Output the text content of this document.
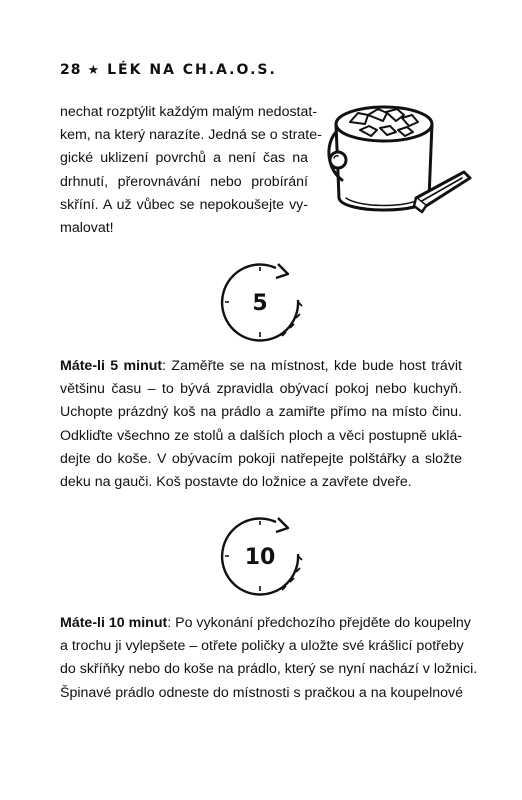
28 ★ LÉK NA CH.A.O.S.
nechat rozptýlit každým malým nedostat-
kem, na který narazíte. Jedná se o strate-
gické uklizení povrchů a není čas na
drhnutí, přerovnávání nebo probírání
skříní. A už vůbec se nepokoušejte vy-
malovat!
5
Máte-li 5 minut: Zaměřte se na místnost, kde bude host trávit
většinu času – to bývá zpravidla obývací pokoj nebo kuchyň.
Uchopte prázdný koš na prádlo a zamiřte přímo na místo činu.
Odkliďte všechno ze stolů a dalších ploch a věci postupně uklá-
dejte do koše. V obývacím pokoji natřepejte polštářky a složte
deku na gauči. Koš postavte do ložnice a zavřete dveře.
10
Máte-li 10 minut: Po vykonání předchozího přejděte do koupelny
a trochu ji vylepšete – otřete poličky a uložte své krášlicí potřeby
do skříňky nebo do koše na prádlo, který se nyní nachází v ložnici.
Špinavé prádlo odneste do místnosti s pračkou a na koupelnové
